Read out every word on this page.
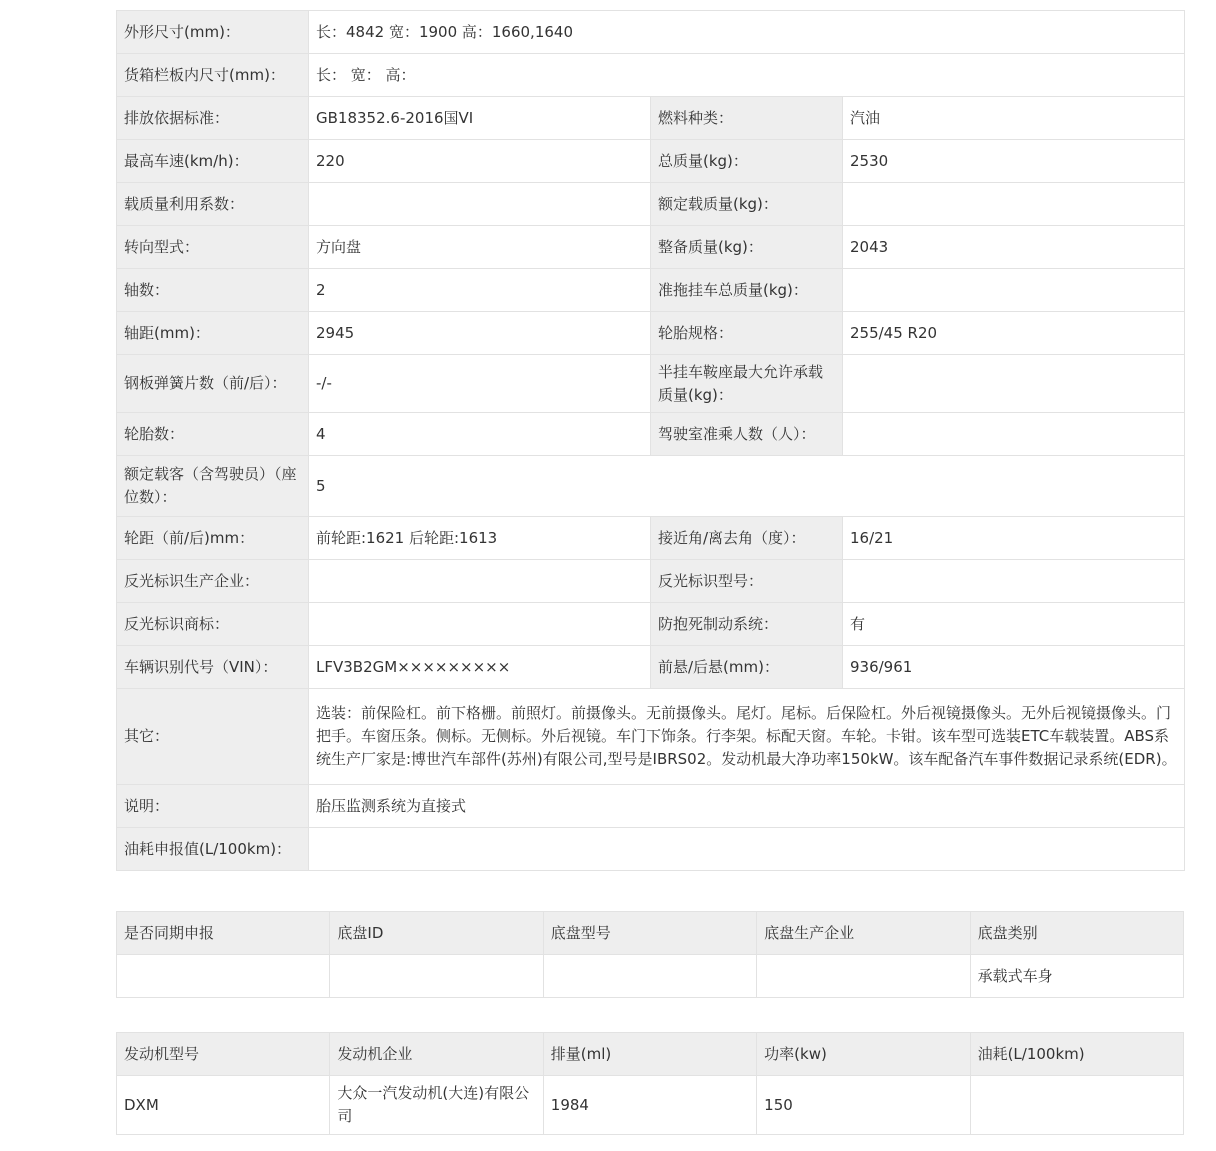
外形尺寸(mm)：	长：4842 宽：1900 高：1660,1640		
货箱栏板内尺寸(mm)：	长： 宽： 高：		
排放依据标准：	GB18352.6-2016国VI	燃料种类：	汽油
最高车速(km/h)：	220	总质量(kg)：	2530
载质量利用系数：		额定载质量(kg)：	
转向型式：	方向盘	整备质量(kg)：	2043
轴数：	2	准拖挂车总质量(kg)：	
轴距(mm)：	2945	轮胎规格：	255/45 R20
钢板弹簧片数（前/后）：	-/-	半挂车鞍座最大允许承载质量(kg)：	
轮胎数：	4	驾驶室准乘人数（人）：	
额定载客（含驾驶员）（座位数）：	5		
轮距（前/后)mm：	前轮距:1621 后轮距:1613	接近角/离去角（度）：	16/21
反光标识生产企业：		反光标识型号：	
反光标识商标：		防抱死制动系统：	有
车辆识别代号（VIN）：	LFV3B2GM×××××××××	前悬/后悬(mm)：	936/961
其它：	选装：前保险杠。前下格栅。前照灯。前摄像头。无前摄像头。尾灯。尾标。后保险杠。外后视镜摄像头。无外后视镜摄像头。门把手。车窗压条。侧标。无侧标。外后视镜。车门下饰条。行李架。标配天窗。车轮。卡钳。该车型可选装ETC车载装置。ABS系统生产厂家是:博世汽车部件(苏州)有限公司,型号是IBRS02。发动机最大净功率150kW。该车配备汽车事件数据记录系统(EDR)。		
说明：	胎压监测系统为直接式		
油耗申报值(L/100km)：			
是否同期申报	底盘ID	底盘型号	底盘生产企业	底盘类别
				承载式车身
发动机型号	发动机企业	排量(ml)	功率(kw)	油耗(L/100km)
DXM	大众一汽发动机(大连)有限公司	1984	150	
